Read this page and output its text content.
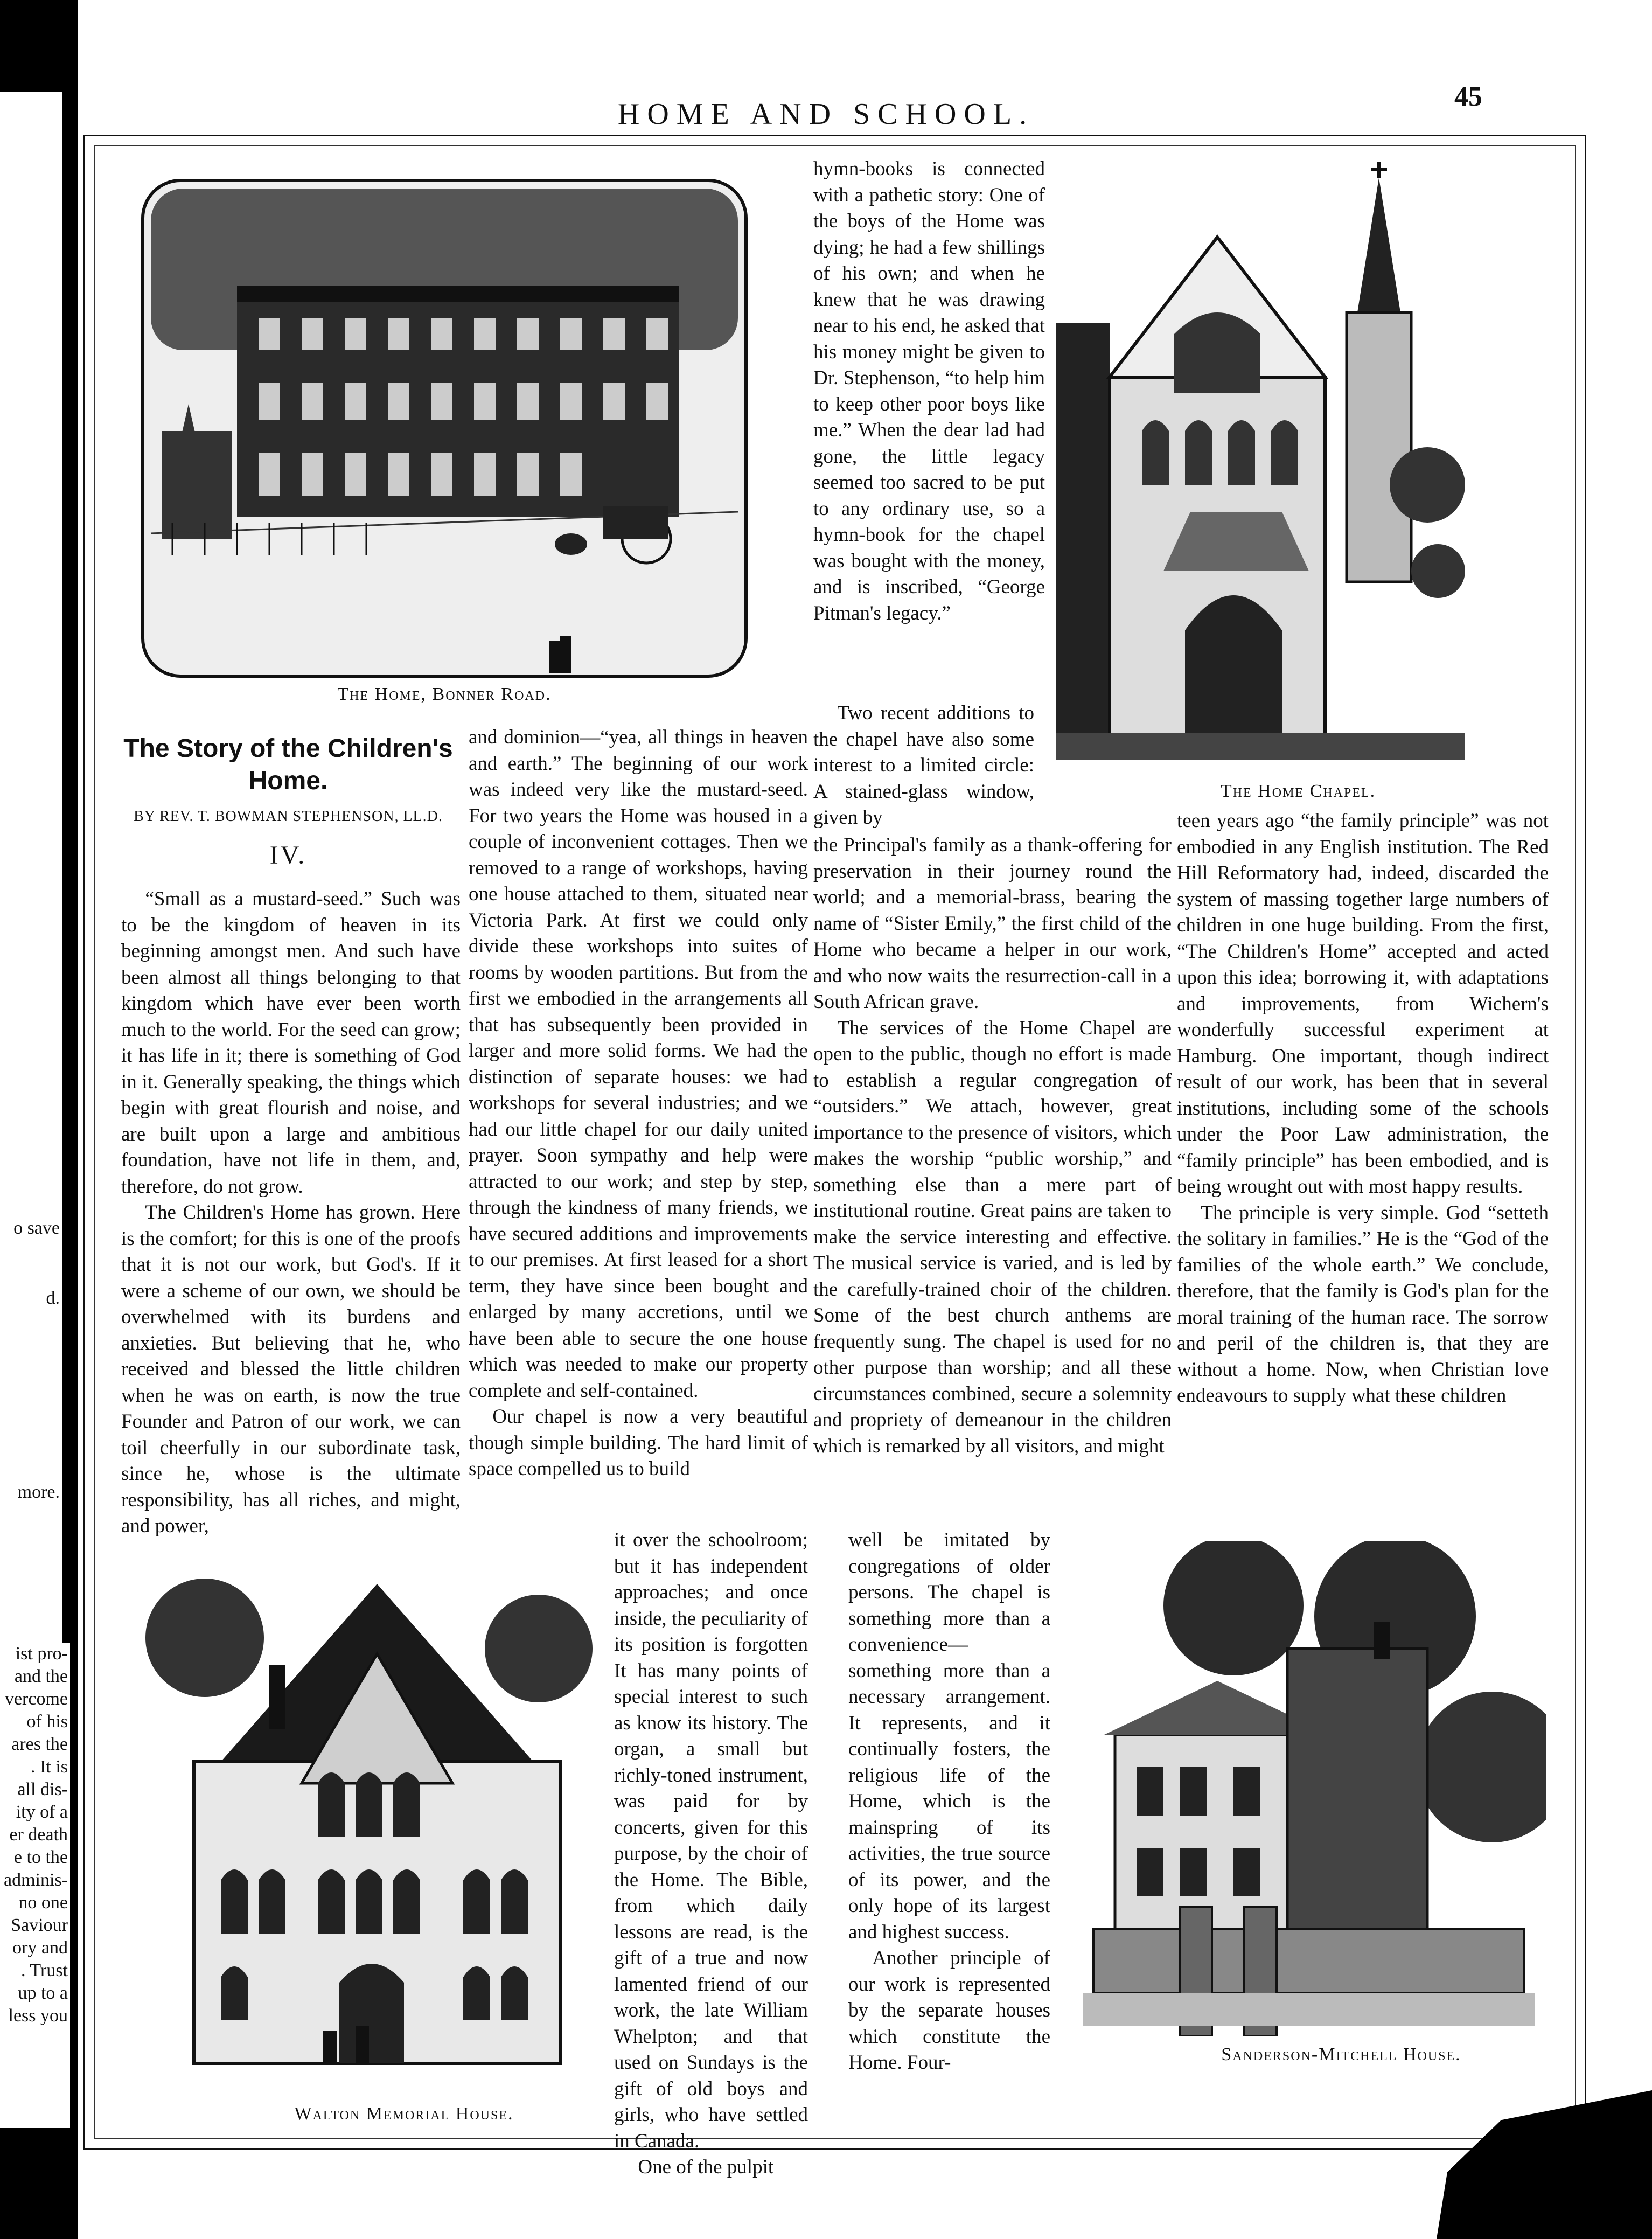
o save
d.
more.
ist pro-
and the
vercome
of his
ares the
. It is
all dis-
ity of a
er death
e to the
adminis-
no one
Saviour
ory and
. Trust
up to a
less you
HOME AND SCHOOL.
45
The Home, Bonner Road.
The Home Chapel.
The Story of the Children's Home.
BY REV. T. BOWMAN STEPHENSON, LL.D.
IV.

“Small as a mustard-seed.” Such was to be the kingdom of heaven in its beginning amongst men. And such have been almost all things belonging to that kingdom which have ever been worth much to the world. For the seed can grow; it has life in it; there is something of God in it. Generally speaking, the things which begin with great flourish and noise, and are built upon a large and ambitious foundation, have not life in them, and, therefore, do not grow.

The Children's Home has grown. Here is the comfort; for this is one of the proofs that it is not our work, but God's. If it were a scheme of our own, we should be overwhelmed with its burdens and anxieties. But believing that he, who received and blessed the little children when he was on earth, is now the true Founder and Patron of our work, we can toil cheerfully in our subordinate task, since he, whose is the ultimate responsibility, has all riches, and might, and power,

and dominion—“yea, all things in heaven and earth.” The beginning of our work was indeed very like the mustard-seed. For two years the Home was housed in a couple of inconvenient cottages. Then we removed to a range of workshops, having one house attached to them, situated near Victoria Park. At first we could only divide these workshops into suites of rooms by wooden partitions. But from the first we embodied in the arrangements all that has subsequently been provided in larger and more solid forms. We had the distinction of separate houses: we had workshops for several industries; and we had our little chapel for our daily united prayer. Soon sympathy and help were attracted to our work; and step by step, through the kindness of many friends, we have secured additions and improvements to our premises. At first leased for a short term, they have since been bought and enlarged by many accretions, until we have been able to secure the one house which was needed to make our property complete and self-contained.

Our chapel is now a very beautiful though simple building. The hard limit of space compelled us to build

it over the schoolroom; but it has independent approaches; and once inside, the peculiarity of its position is forgotten It has many points of special interest to such as know its history. The organ, a small but richly-toned instrument, was paid for by concerts, given for this purpose, by the choir of the Home. The Bible, from which daily lessons are read, is the gift of a true and now lamented friend of our work, the late William Whelpton; and that used on Sundays is the gift of old boys and girls, who have settled in Canada.

One of the pulpit

hymn-books is connected with a pathetic story: One of the boys of the Home was dying; he had a few shillings of his own; and when he knew that he was drawing near to his end, he asked that his money might be given to Dr. Stephenson, “to help him to keep other poor boys like me.” When the dear lad had gone, the little legacy seemed too sacred to be put to any ordinary use, so a hymn-book for the chapel was bought with the money, and is inscribed, “George Pitman's legacy.”

Two recent additions to the chapel have also some interest to a limited circle: A stained-glass window, given by

the Principal's family as a thank-offering for preservation in their journey round the world; and a memorial-brass, bearing the name of “Sister Emily,” the first child of the Home who became a helper in our work, and who now waits the resurrection-call in a South African grave.

The services of the Home Chapel are open to the public, though no effort is made to establish a regular congregation of “outsiders.” We attach, however, great importance to the presence of visitors, which makes the worship “public worship,” and something else than a mere part of institutional routine. Great pains are taken to make the service interesting and effective. The musical service is varied, and is led by the carefully-trained choir of the children. Some of the best church anthems are frequently sung. The chapel is used for no other purpose than worship; and all these circumstances combined, secure a solemnity and propriety of demeanour in the children which is remarked by all visitors, and might

well be imitated by congregations of older persons. The chapel is something more than a convenience—something more than a necessary arrangement. It represents, and it continually fosters, the religious life of the Home, which is the mainspring of its activities, the true source of its power, and the only hope of its largest and highest success.

Another principle of our work is represented by the separate houses which constitute the Home. Four-

teen years ago “the family principle” was not embodied in any English institution. The Red Hill Reformatory had, indeed, discarded the system of massing together large numbers of children in one huge building. From the first, “The Children's Home” accepted and acted upon this idea; borrowing it, with adaptations and improvements, from Wichern's wonderfully successful experiment at Hamburg. One important, though indirect result of our work, has been that in several institutions, including some of the schools under the Poor Law administration, the “family principle” has been embodied, and is being wrought out with most happy results.

The principle is very simple. God “setteth the solitary in families.” He is the “God of the families of the whole earth.” We conclude, therefore, that the family is God's plan for the moral training of the human race. The sorrow and peril of the children is, that they are without a home. Now, when Christian love endeavours to supply what these children

Walton Memorial House.
Sanderson-Mitchell House.
